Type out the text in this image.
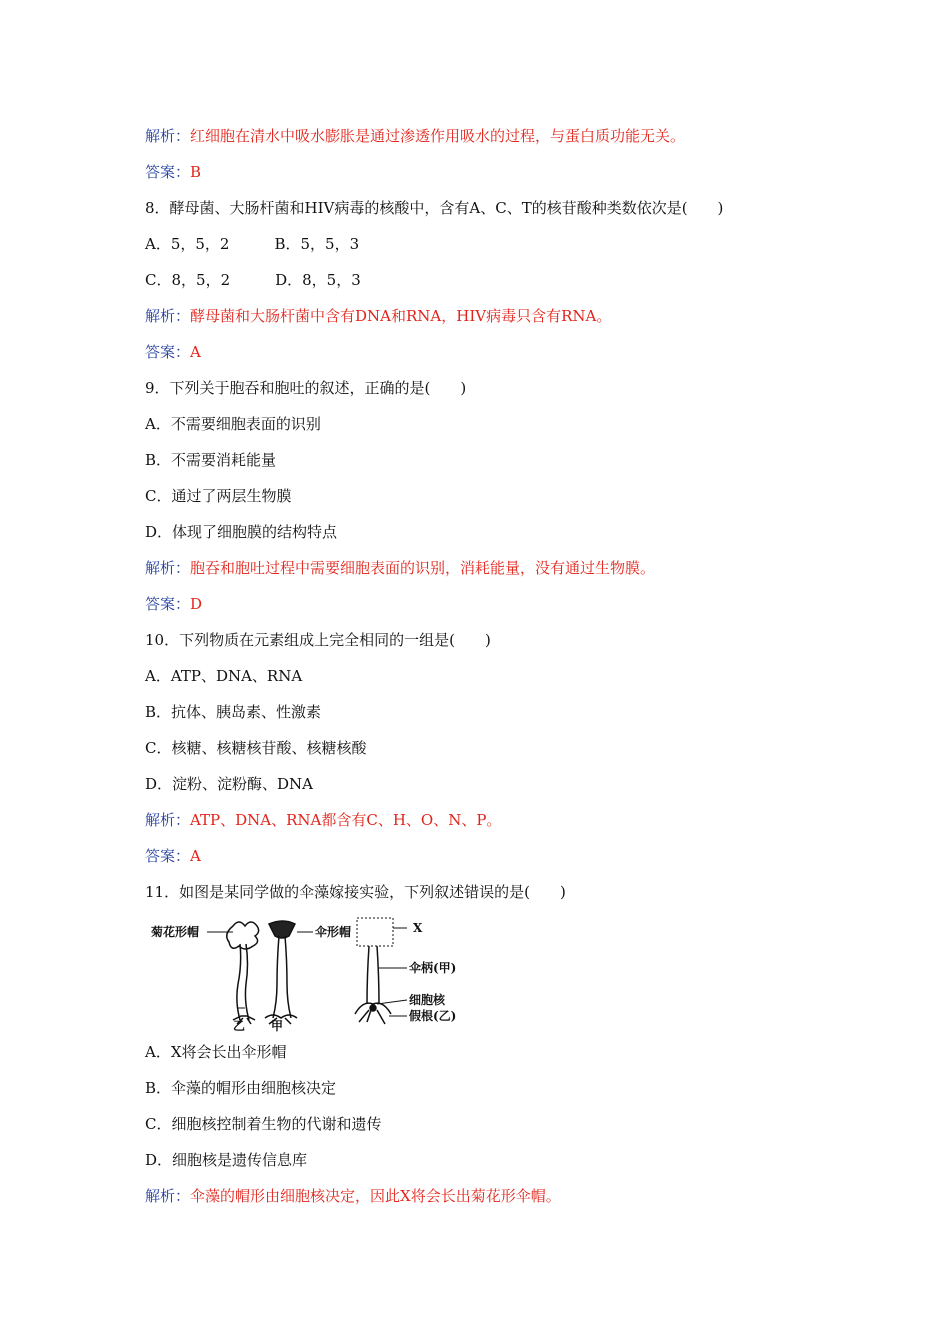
解析：红细胞在清水中吸水膨胀是通过渗透作用吸水的过程，与蛋白质功能无关。
答案：B
8．酵母菌、大肠杆菌和HIV病毒的核酸中，含有A、C、T的核苷酸种类数依次是(　　)
A．5，5，2　　　B．5，5，3
C．8，5，2　　　D．8，5，3
解析：酵母菌和大肠杆菌中含有DNA和RNA，HIV病毒只含有RNA。
答案：A
9．下列关于胞吞和胞吐的叙述，正确的是(　　)
A．不需要细胞表面的识别
B．不需要消耗能量
C．通过了两层生物膜
D．体现了细胞膜的结构特点
解析：胞吞和胞吐过程中需要细胞表面的识别，消耗能量，没有通过生物膜。
答案：D
10．下列物质在元素组成上完全相同的一组是(　　)
A．ATP、DNA、RNA
B．抗体、胰岛素、性激素
C．核糖、核糖核苷酸、核糖核酸
D．淀粉、淀粉酶、DNA
解析：ATP、DNA、RNA都含有C、H、O、N、P。
答案：A
11．如图是某同学做的伞藻嫁接实验，下列叙述错误的是(　　)
A．X将会长出伞形帽
B．伞藻的帽形由细胞核决定
C．细胞核控制着生物的代谢和遗传
D．细胞核是遗传信息库
解析：伞藻的帽形由细胞核决定，因此X将会长出菊花形伞帽。
菊花形帽	伞形帽
乙 甲
X
伞柄(甲)
细胞核
假根(乙)
